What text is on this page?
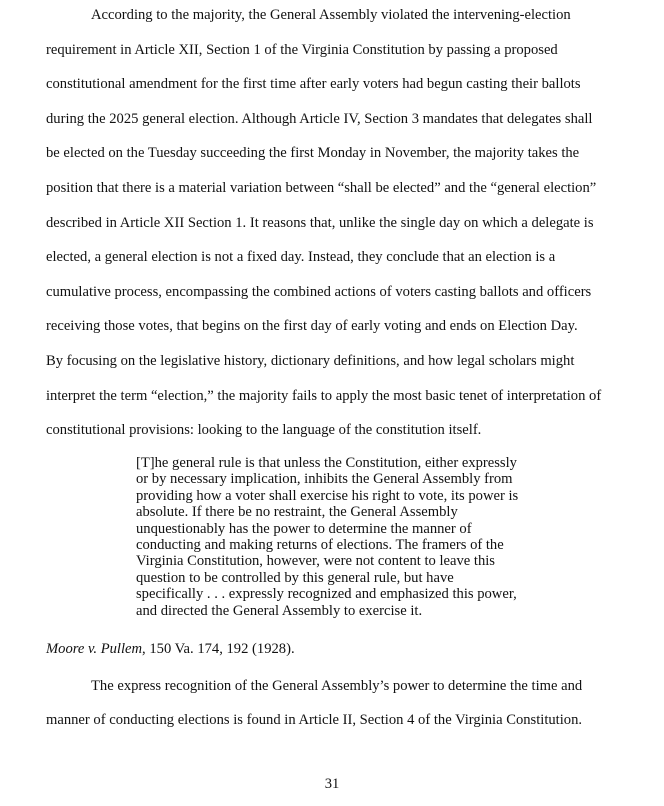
According to the majority, the General Assembly violated the intervening-election
requirement in Article XII, Section 1 of the Virginia Constitution by passing a proposed
constitutional amendment for the first time after early voters had begun casting their ballots
during the 2025 general election. Although Article IV, Section 3 mandates that delegates shall
be elected on the Tuesday succeeding the first Monday in November, the majority takes the
position that there is a material variation between “shall be elected” and the “general election”
described in Article XII Section 1. It reasons that, unlike the single day on which a delegate is
elected, a general election is not a fixed day. Instead, they conclude that an election is a
cumulative process, encompassing the combined actions of voters casting ballots and officers
receiving those votes, that begins on the first day of early voting and ends on Election Day.
By focusing on the legislative history, dictionary definitions, and how legal scholars might
interpret the term “election,” the majority fails to apply the most basic tenet of interpretation of
constitutional provisions: looking to the language of the constitution itself.
[T]he general rule is that unless the Constitution, either expressly
or by necessary implication, inhibits the General Assembly from
providing how a voter shall exercise his right to vote, its power is
absolute. If there be no restraint, the General Assembly
unquestionably has the power to determine the manner of
conducting and making returns of elections. The framers of the
Virginia Constitution, however, were not content to leave this
question to be controlled by this general rule, but have
specifically . . . expressly recognized and emphasized this power,
and directed the General Assembly to exercise it.
Moore v. Pullem, 150 Va. 174, 192 (1928).
The express recognition of the General Assembly’s power to determine the time and
manner of conducting elections is found in Article II, Section 4 of the Virginia Constitution.
31
